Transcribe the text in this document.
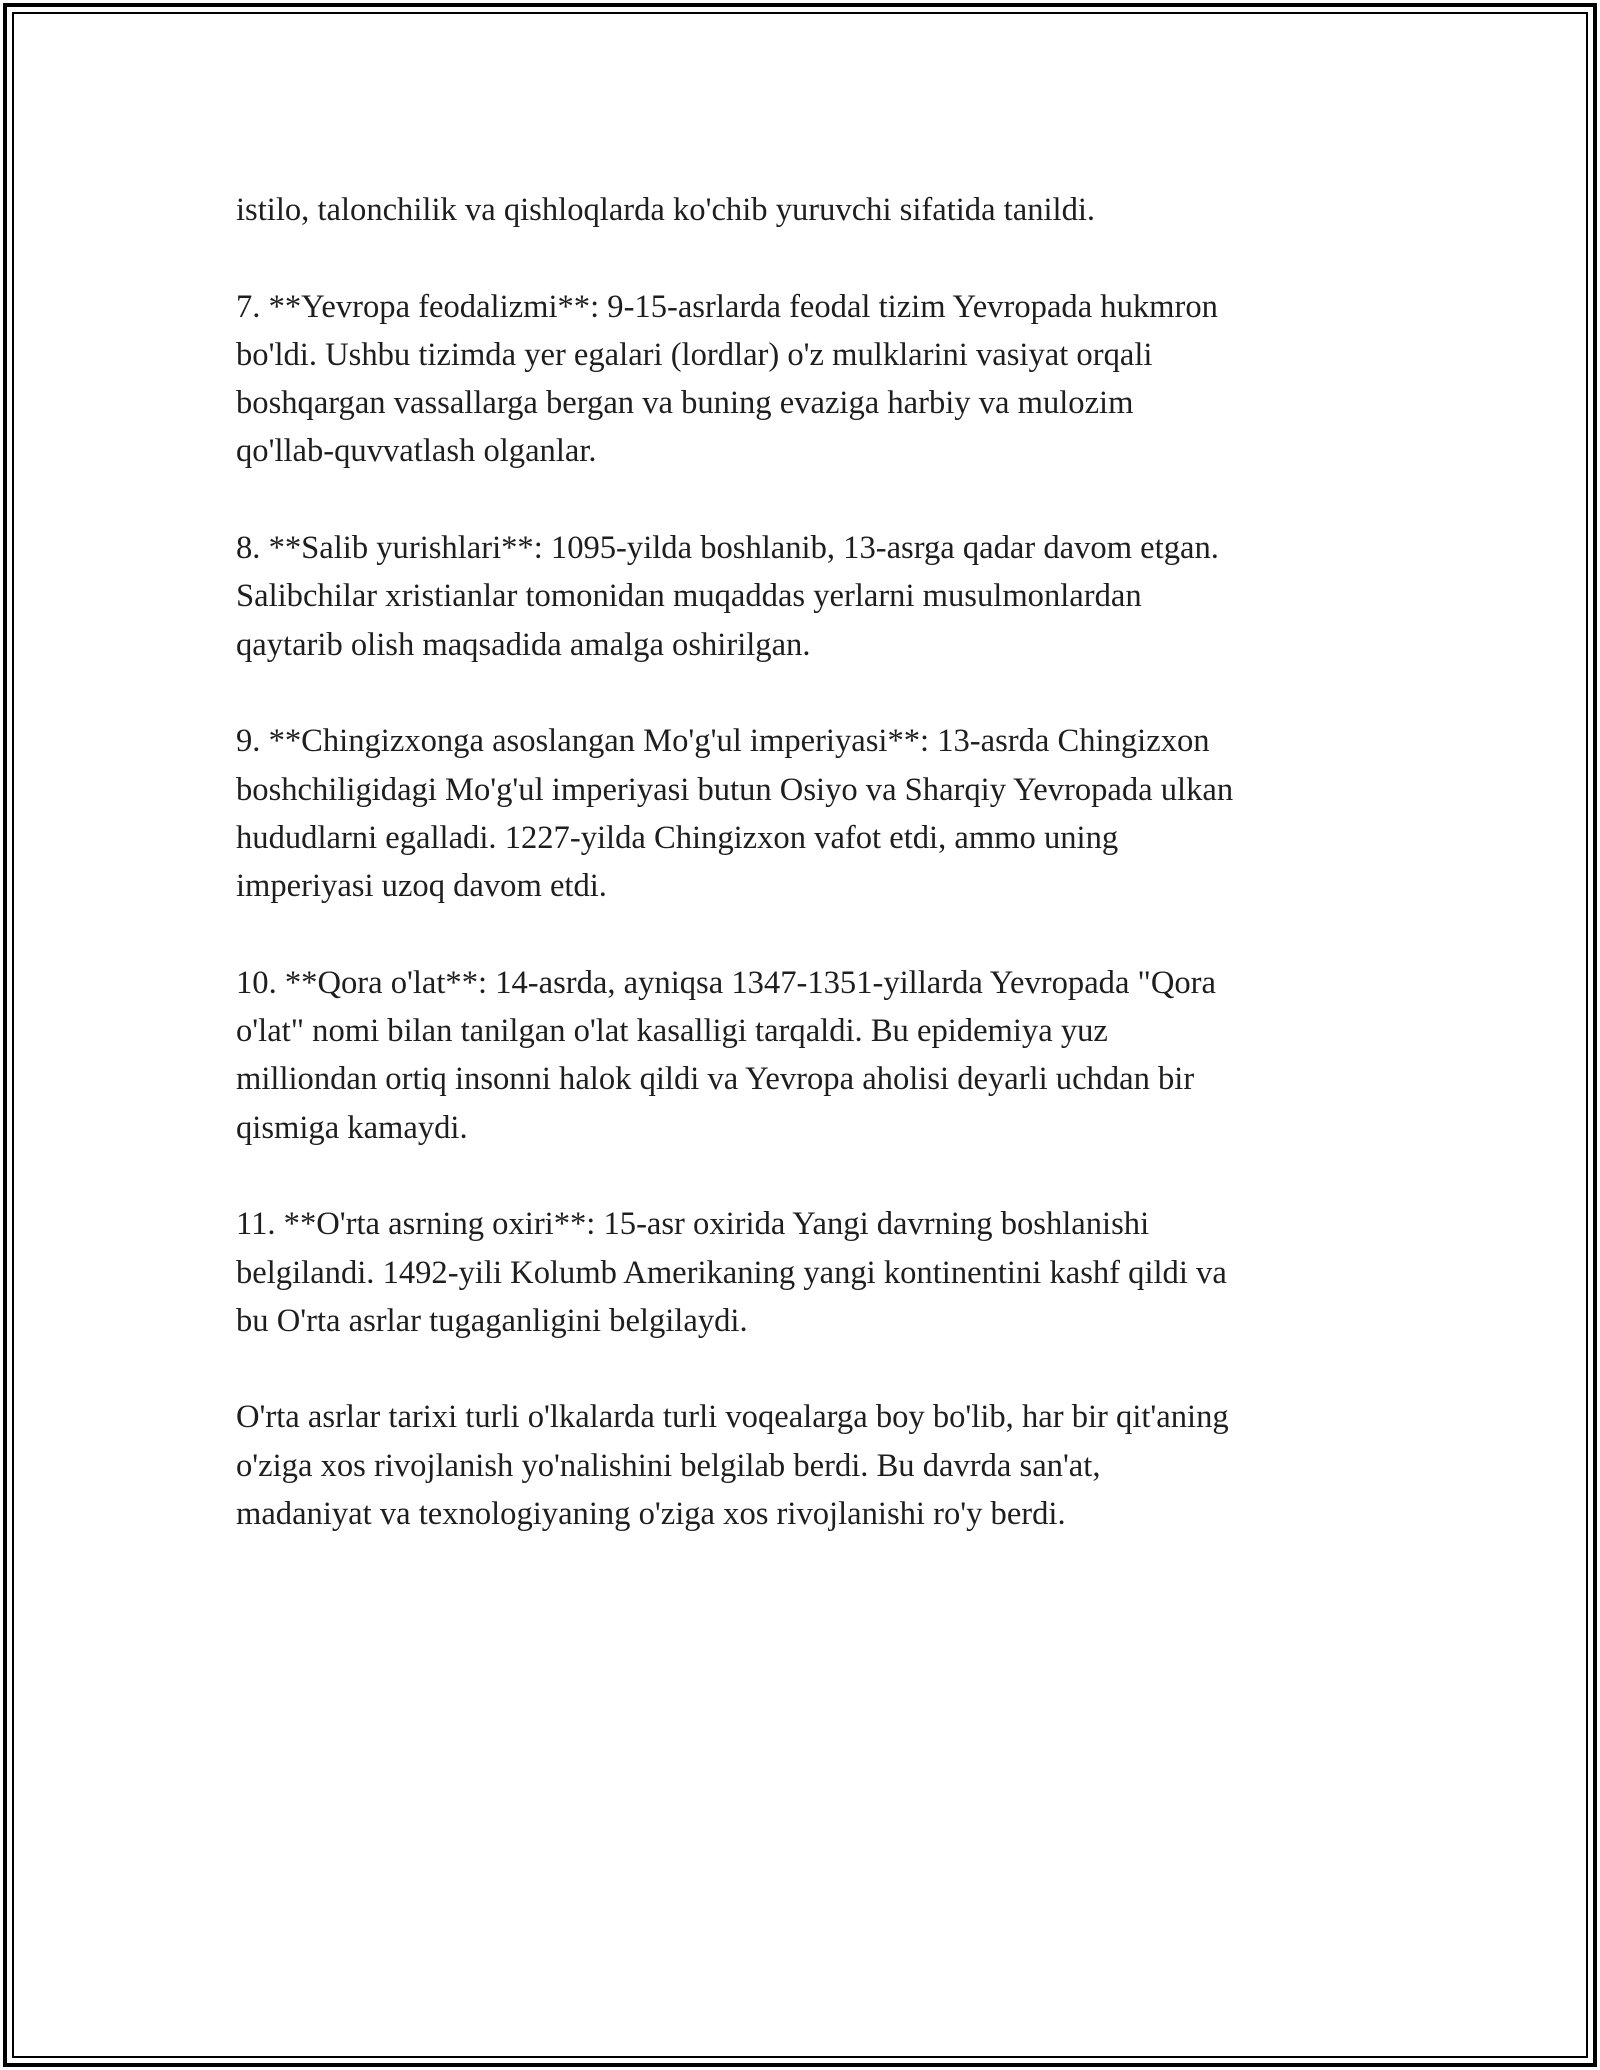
istilo, talonchilik va qishloqlarda ko'chib yuruvchi sifatida tanildi.

7. **Yevropa feodalizmi**: 9-15-asrlarda feodal tizim Yevropada hukmron
bo'ldi. Ushbu tizimda yer egalari (lordlar) o'z mulklarini vasiyat orqali
boshqargan vassallarga bergan va buning evaziga harbiy va mulozim
qo'llab-quvvatlash olganlar.

8. **Salib yurishlari**: 1095-yilda boshlanib, 13-asrga qadar davom etgan.
Salibchilar xristianlar tomonidan muqaddas yerlarni musulmonlardan
qaytarib olish maqsadida amalga oshirilgan.

9. **Chingizxonga asoslangan Mo'g'ul imperiyasi**: 13-asrda Chingizxon
boshchiligidagi Mo'g'ul imperiyasi butun Osiyo va Sharqiy Yevropada ulkan
hududlarni egalladi. 1227-yilda Chingizxon vafot etdi, ammo uning
imperiyasi uzoq davom etdi.

10. **Qora o'lat**: 14-asrda, ayniqsa 1347-1351-yillarda Yevropada "Qora
o'lat" nomi bilan tanilgan o'lat kasalligi tarqaldi. Bu epidemiya yuz
milliondan ortiq insonni halok qildi va Yevropa aholisi deyarli uchdan bir
qismiga kamaydi.

11. **O'rta asrning oxiri**: 15-asr oxirida Yangi davrning boshlanishi
belgilandi. 1492-yili Kolumb Amerikaning yangi kontinentini kashf qildi va
bu O'rta asrlar tugaganligini belgilaydi.

O'rta asrlar tarixi turli o'lkalarda turli voqealarga boy bo'lib, har bir qit'aning
o'ziga xos rivojlanish yo'nalishini belgilab berdi. Bu davrda san'at,
madaniyat va texnologiyaning o'ziga xos rivojlanishi ro'y berdi.
